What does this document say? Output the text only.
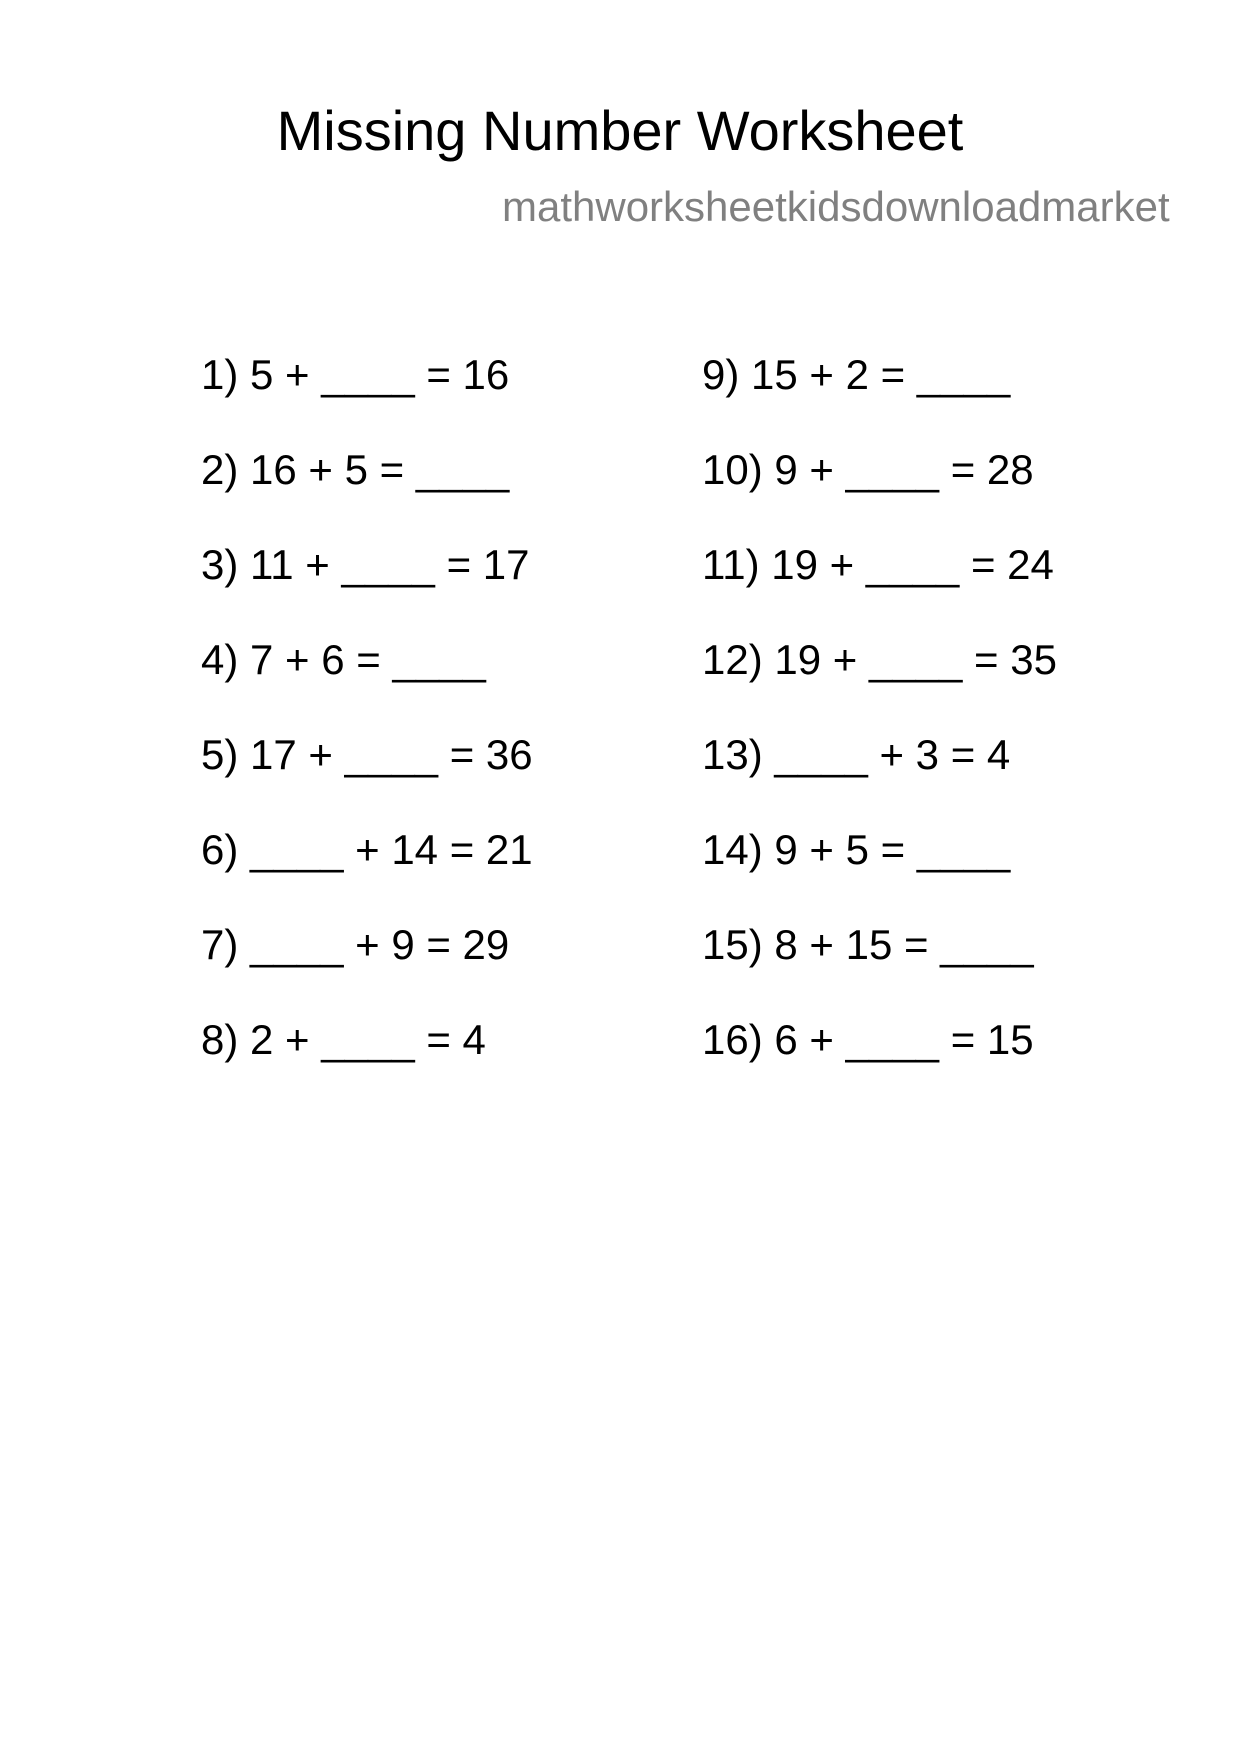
Missing Number Worksheet
mathworksheetkidsdownloadmarket
1) 5 + ____ = 16
2) 16 + 5 = ____
3) 11 + ____ = 17
4) 7 + 6 = ____
5) 17 + ____ = 36
6) ____ + 14 = 21
7) ____ + 9 = 29
8) 2 + ____ = 4
9) 15 + 2 = ____
10) 9 + ____ = 28
11) 19 + ____ = 24
12) 19 + ____ = 35
13) ____ + 3 = 4
14) 9 + 5 = ____
15) 8 + 15 = ____
16) 6 + ____ = 15
